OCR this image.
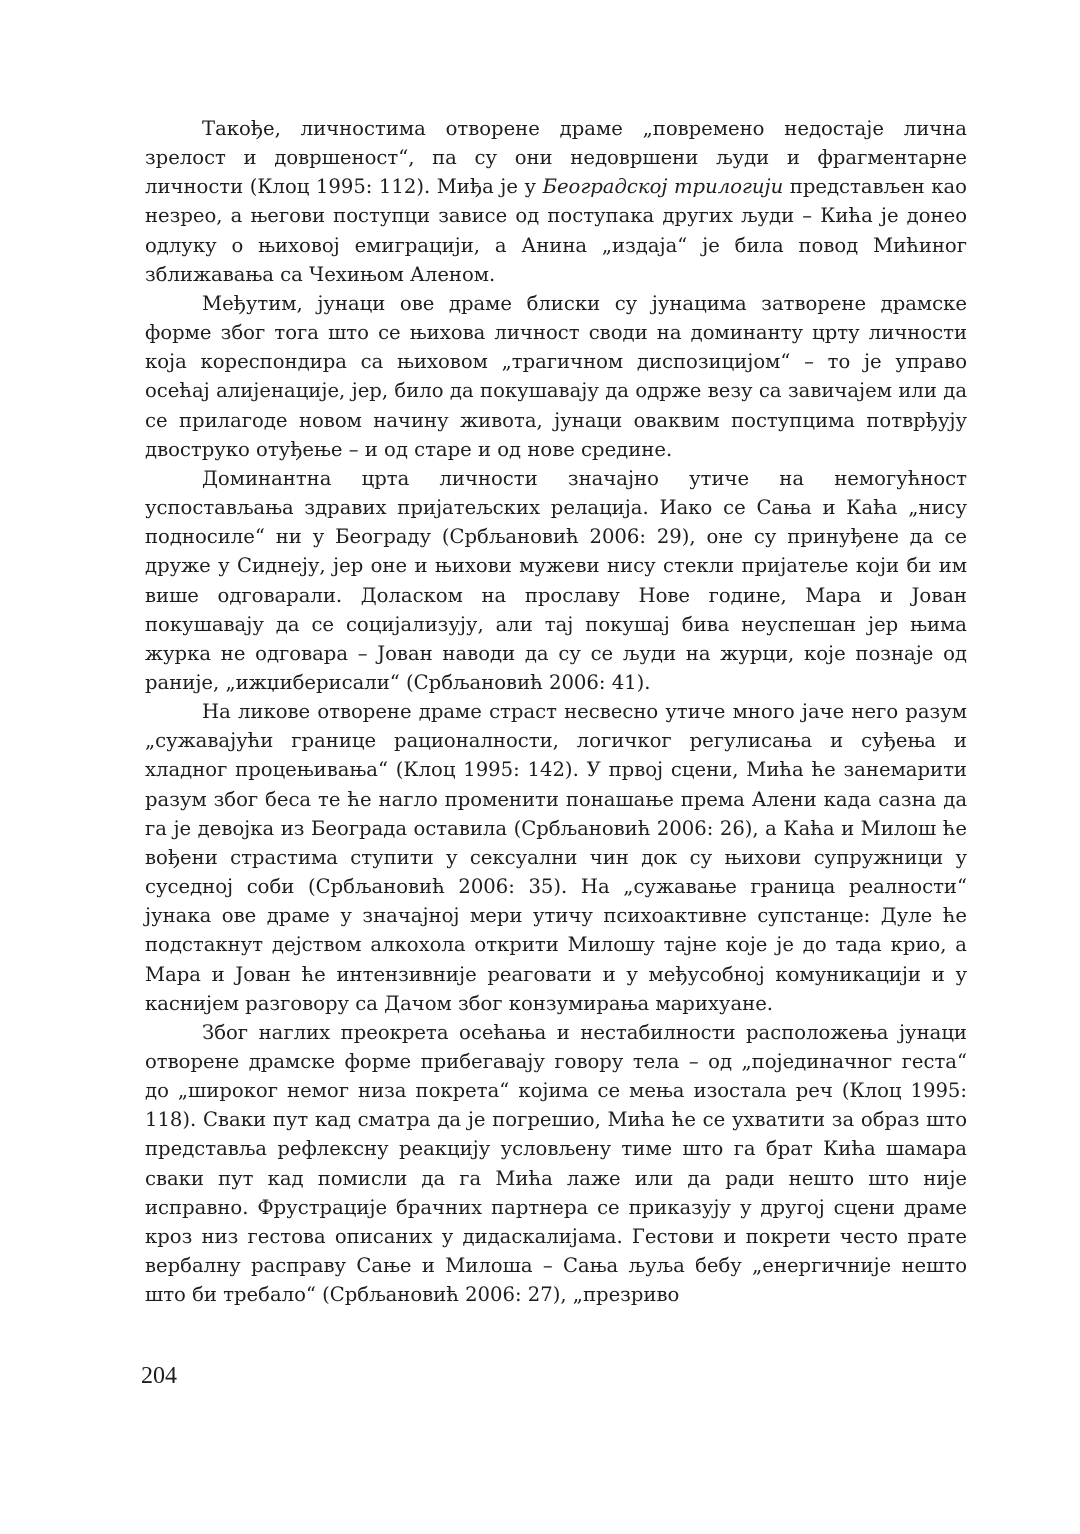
Такође, личностима отворене драме „повремено недостаје лична зрелост и довршеност“, па су они недовршени људи и фрагментарне личности (Клоц 1995: 112). Миђа је у Београдској трилогији представљен као незрео, а његови поступци зависе од поступака других људи – Кића је донео одлуку о њиховој емиграцији, а Анина „издаја“ је била повод Мићиног зближавања са Чехињом Аленом.

Међутим, јунаци ове драме блиски су јунацима затворене драмске форме због тога што се њихова личност своди на доминанту црту личности која кореспондира са њиховом „трагичном диспозицијом“ – то је управо осећај алијенације, јер, било да покушавају да одрже везу са завичајем или да се прилагоде новом начину живота, јунаци оваквим поступцима потврђују двоструко отуђење – и од старе и од нове средине.

Доминантна црта личности значајно утиче на немогућност успостављања здравих пријатељских релација. Иако се Сања и Каћа „нису подносиле“ ни у Београду (Србљановић 2006: 29), оне су принуђене да се друже у Сиднеју, јер оне и њихови мужеви нису стекли пријатеље који би им више одговарали. Доласком на прославу Нове године, Мара и Јован покушавају да се социјализују, али тај покушај бива неуспешан јер њима журка не одговара – Јован наводи да су се људи на журци, које познаје од раније, „ижџиберисали“ (Србљановић 2006: 41).

На ликове отворене драме страст несвесно утиче много јаче него разум „сужавајући границе рационалности, логичког регулисања и суђења и хладног процењивања“ (Клоц 1995: 142). У првој сцени, Мића ће занемарити разум због беса те ће нагло променити понашање према Алени када сазна да га је девојка из Београда оставила (Србљановић 2006: 26), а Каћа и Милош ће вођени страстима ступити у сексуални чин док су њихови супружници у суседној соби (Србљановић 2006: 35). На „сужавање граница реалности“ јунака ове драме у значајној мери утичу психоактивне супстанце: Дуле ће подстакнут дејством алкохола открити Милошу тајне које је до тада крио, а Мара и Јован ће интензивније реаговати и у међусобној комуникацији и у каснијем разговору са Дачом због конзумирања марихуане.

Због наглих преокрета осећања и нестабилности расположења јунаци отворене драмске форме прибегавају говору тела – од „појединачног геста“ до „широког немог низа покрета“ којима се мења изостала реч (Клоц 1995: 118). Сваки пут кад сматра да је погрешио, Мића ће се ухватити за образ што представља рефлексну реакцију условљену тиме што га брат Кића шамара сваки пут кад помисли да га Мића лаже или да ради нешто што није исправно. Фрустрације брачних партнера се приказују у другој сцени драме кроз низ гестова описаних у дидаскалијама. Гестови и покрети често прате вербалну расправу Сање и Милоша – Сања љуља бебу „енергичније нешто што би требало“ (Србљановић 2006: 27), „презриво

204
